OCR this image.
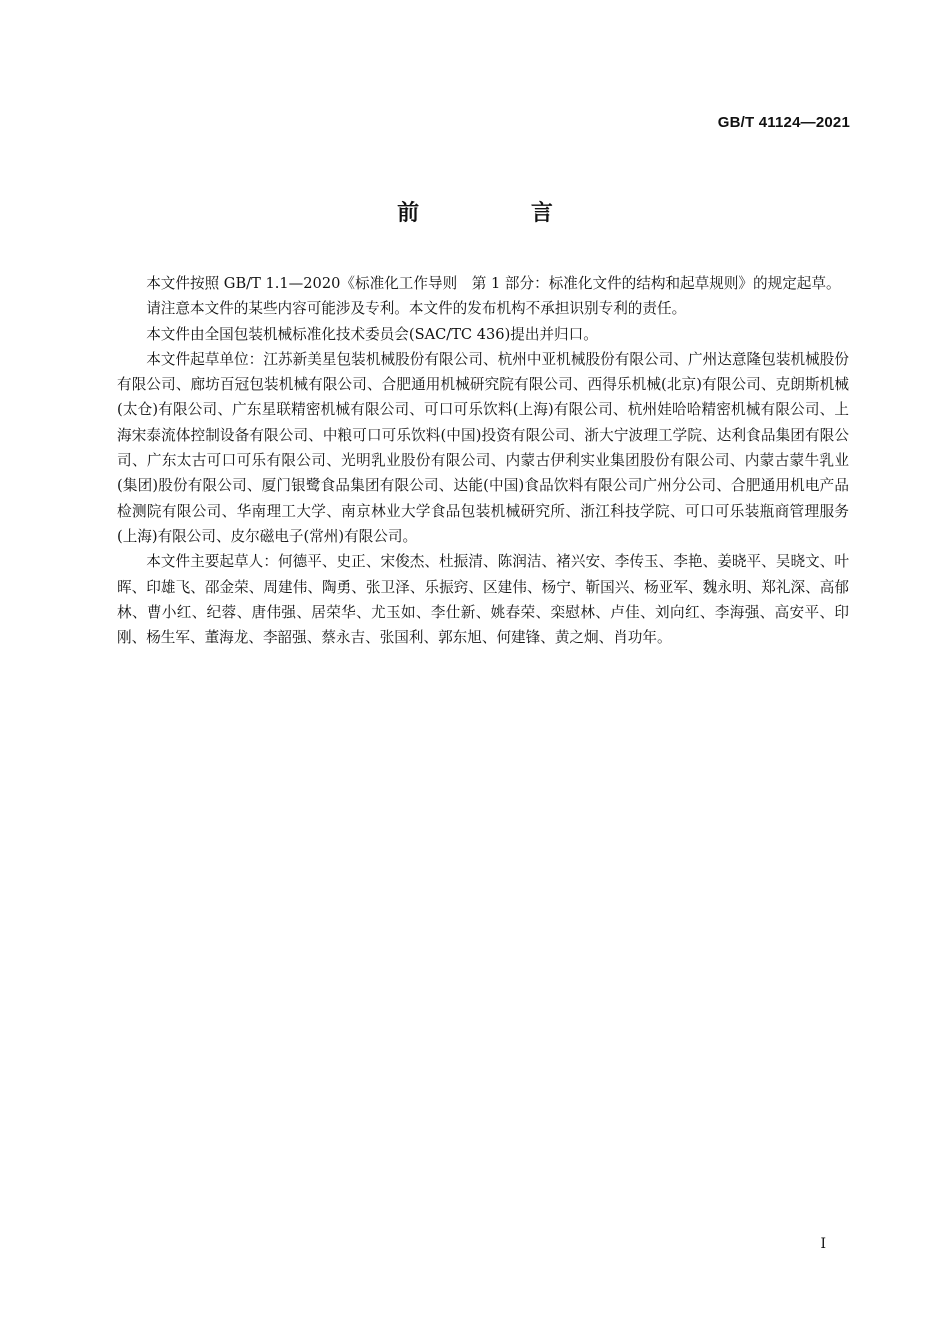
GB/T 41124—2021
前 言

本文件按照 GB/T 1.1—2020《标准化工作导则　第 1 部分：标准化文件的结构和起草规则》的规定起草。

请注意本文件的某些内容可能涉及专利。本文件的发布机构不承担识别专利的责任。

本文件由全国包装机械标准化技术委员会(SAC/TC 436)提出并归口。

本文件起草单位：江苏新美星包装机械股份有限公司、杭州中亚机械股份有限公司、广州达意隆包装机械股份有限公司、廊坊百冠包装机械有限公司、合肥通用机械研究院有限公司、西得乐机械(北京)有限公司、克朗斯机械(太仓)有限公司、广东星联精密机械有限公司、可口可乐饮料(上海)有限公司、杭州娃哈哈精密机械有限公司、上海宋泰流体控制设备有限公司、中粮可口可乐饮料(中国)投资有限公司、浙大宁波理工学院、达利食品集团有限公司、广东太古可口可乐有限公司、光明乳业股份有限公司、内蒙古伊利实业集团股份有限公司、内蒙古蒙牛乳业(集团)股份有限公司、厦门银鹭食品集团有限公司、达能(中国)食品饮料有限公司广州分公司、合肥通用机电产品检测院有限公司、华南理工大学、南京林业大学食品包装机械研究所、浙江科技学院、可口可乐装瓶商管理服务(上海)有限公司、皮尔磁电子(常州)有限公司。

本文件主要起草人：何德平、史正、宋俊杰、杜振清、陈润洁、褚兴安、李传玉、李艳、姜晓平、吴晓文、叶晖、印雄飞、邵金荣、周建伟、陶勇、张卫泽、乐振窍、区建伟、杨宁、靳国兴、杨亚军、魏永明、郑礼深、高郁林、曹小红、纪蓉、唐伟强、居荣华、尤玉如、李仕新、姚春荣、栾慰林、卢佳、刘向红、李海强、高安平、印刚、杨生军、董海龙、李韶强、蔡永吉、张国利、郭东旭、何建锋、黄之炯、肖功年。

I
